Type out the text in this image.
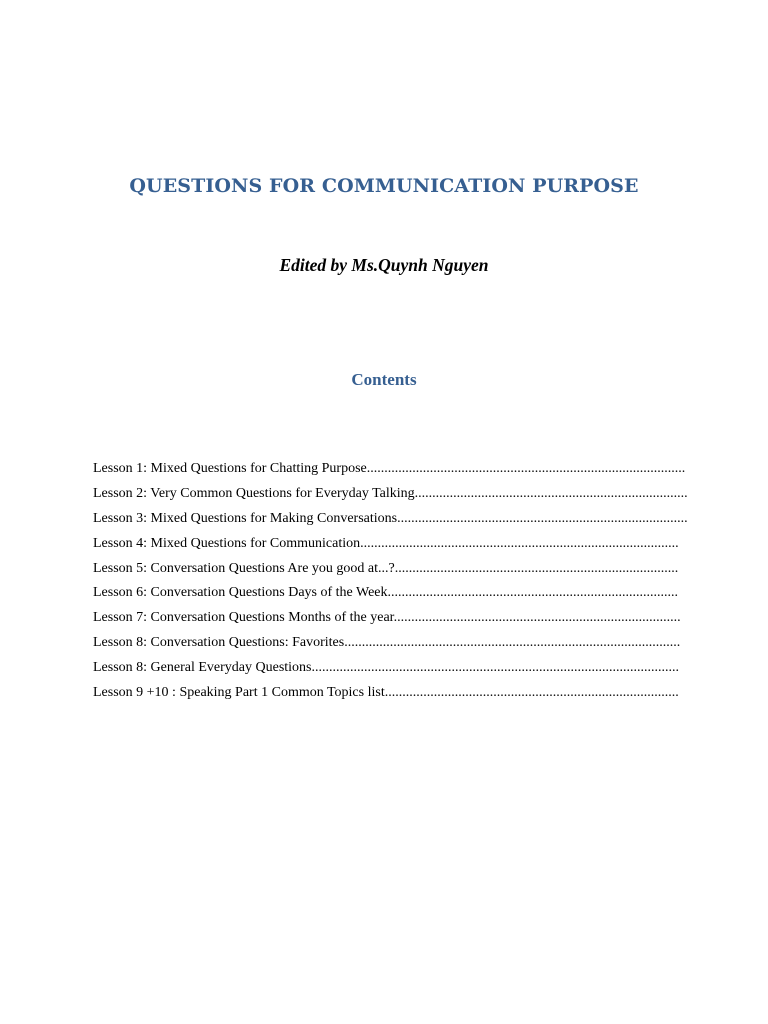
QUESTIONS FOR COMMUNICATION PURPOSE
Edited by Ms.Quynh Nguyen
Contents
Lesson 1: Mixed Questions for Chatting Purpose...........................................................................................
Lesson 2: Very Common Questions for Everyday Talking..............................................................................
Lesson 3: Mixed Questions for Making Conversations...................................................................................
Lesson 4: Mixed Questions for Communication...........................................................................................
Lesson 5: Conversation Questions Are you good at...?.................................................................................
Lesson 6: Conversation Questions Days of the Week...................................................................................
Lesson 7: Conversation Questions Months of the year..................................................................................
Lesson 8: Conversation Questions: Favorites................................................................................................
Lesson 8: General Everyday Questions.........................................................................................................
Lesson 9 +10 : Speaking Part 1 Common Topics list....................................................................................
